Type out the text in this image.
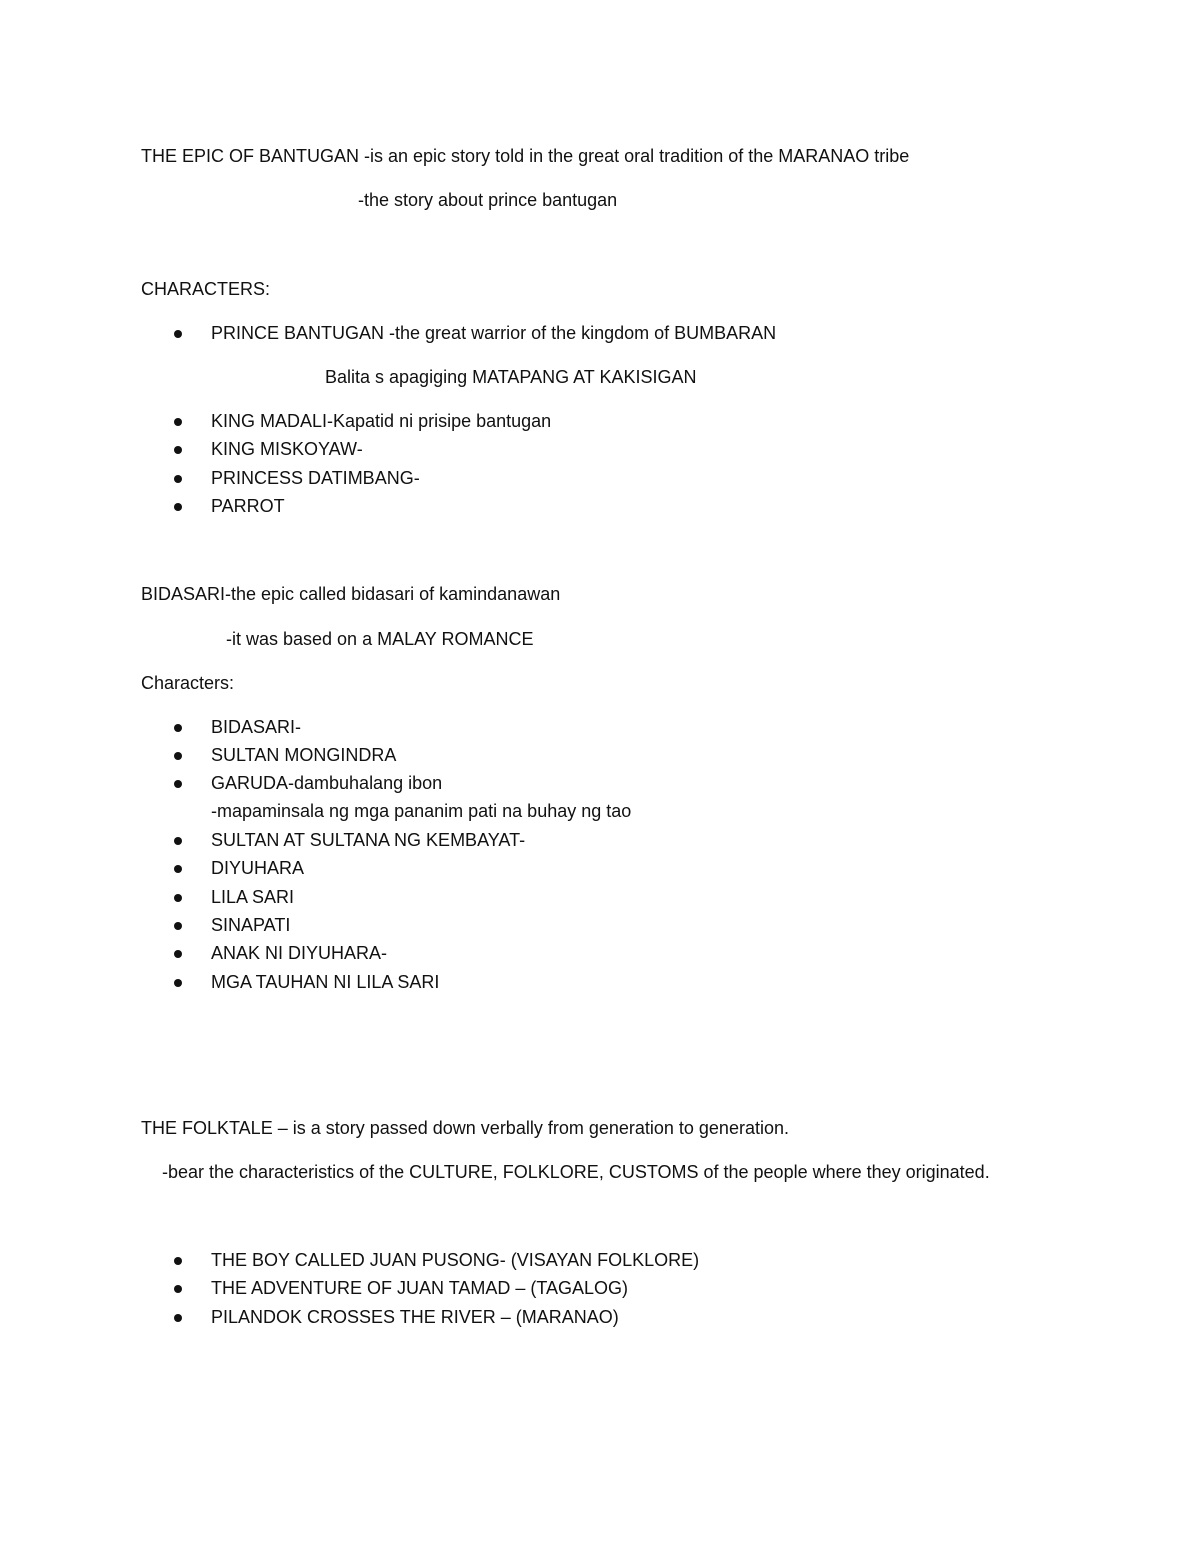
THE EPIC OF BANTUGAN -is an epic story told in the great oral tradition of the MARANAO tribe
-the story about prince bantugan
CHARACTERS:
PRINCE BANTUGAN -the great warrior of the kingdom of BUMBARAN
Balita s apagiging MATAPANG AT KAKISIGAN
KING MADALI-Kapatid ni prisipe bantugan
KING MISKOYAW-
PRINCESS DATIMBANG-
PARROT
BIDASARI-the epic called bidasari of kamindanawan
-it was based on a MALAY ROMANCE
Characters:
BIDASARI-
SULTAN MONGINDRA
GARUDA-dambuhalang ibon
-mapaminsala ng mga pananim pati na buhay ng tao
SULTAN AT SULTANA NG KEMBAYAT-
DIYUHARA
LILA SARI
SINAPATI
ANAK NI DIYUHARA-
MGA TAUHAN NI LILA SARI
THE FOLKTALE – is a story passed down verbally from generation to generation.
-bear the characteristics of the CULTURE, FOLKLORE, CUSTOMS of the people where they originated.
THE BOY CALLED JUAN PUSONG- (VISAYAN FOLKLORE)
THE ADVENTURE OF JUAN TAMAD – (TAGALOG)
PILANDOK CROSSES THE RIVER – (MARANAO)
